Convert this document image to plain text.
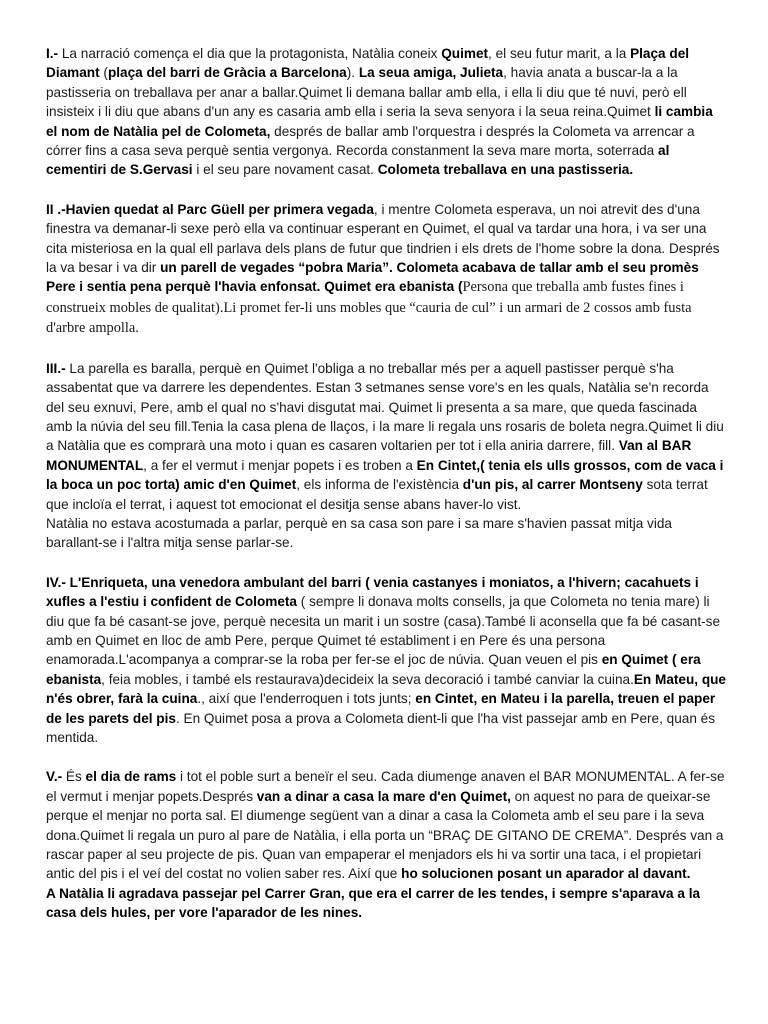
I.- La narració comença el dia que la protagonista, Natàlia coneix Quimet, el seu futur marit, a la Plaça del Diamant (plaça del barri de Gràcia a Barcelona). La seua amiga, Julieta, havia anata a buscar-la a la pastisseria on treballava per anar a ballar.Quimet li demana ballar amb ella, i ella li diu que té nuvi, però ell insisteix i li diu que abans d'un any es casaria amb ella i seria la seva senyora i la seua reina.Quimet li cambia el nom de Natàlia pel de Colometa, després de ballar amb l'orquestra i després la Colometa va arrencar a córrer fins a casa seva perquè sentia vergonya. Recorda constanment la seva mare morta, soterrada al cementiri de S.Gervasi i el seu pare novament casat. Colometa treballava en una pastisseria.

II .-Havien quedat al Parc Güell per primera vegada, i mentre Colometa esperava, un noi atrevit des d'una finestra va demanar-li sexe però ella va continuar esperant en Quimet, el qual va tardar una hora, i va ser una cita misteriosa en la qual ell parlava dels plans de futur que tindrien i els drets de l'home sobre la dona. Després la va besar i va dir un parell de vegades “pobra Maria”. Colometa acabava de tallar amb el seu promès Pere i sentia pena perquè l'havia enfonsat. Quimet era ebanista (Persona que treballa amb fustes fines i construeix mobles de qualitat).Li promet fer-li uns mobles que “cauria de cul” i un armari de 2 cossos amb fusta d'arbre ampolla.

III.- La parella es baralla, perquè en Quimet l'obliga a no treballar més per a aquell pastisser perquè s'ha assabentat que va darrere les dependentes. Estan 3 setmanes sense vore's en les quals, Natàlia se'n recorda del seu exnuvi, Pere, amb el qual no s'havi disgutat mai. Quimet li presenta a sa mare, que queda fascinada amb la núvia del seu fill.Tenia la casa plena de llaços, i la mare li regala uns rosaris de boleta negra.Quimet li diu a Natàlia que es comprarà una moto i quan es casaren voltarien per tot i ella aniria darrere, fill. Van al BAR MONUMENTAL, a fer el vermut i menjar popets i es troben a En Cintet,( tenia els ulls grossos, com de vaca i la boca un poc torta) amic d'en Quimet, els informa de l'existència d'un pis, al carrer Montseny sota terrat que incloïa el terrat, i aquest tot emocionat el desitja sense abans haver-lo vist.

Natàlia no estava acostumada a parlar, perquè en sa casa son pare i sa mare s'havien passat mitja vida barallant-se i l'altra mitja sense parlar-se.

IV.- L'Enriqueta, una venedora ambulant del barri ( venia castanyes i moniatos, a l'hivern; cacahuets i xufles a l'estiu i confident de Colometa ( sempre li donava molts consells, ja que Colometa no tenia mare) li diu que fa bé casant-se jove, perquè necesita un marit i un sostre (casa).També li aconsella que fa bé casant-se amb en Quimet en lloc de amb Pere, perque Quimet té establiment i en Pere és una persona enamorada.L'acompanya a comprar-se la roba per fer-se el joc de núvia. Quan veuen el pis en Quimet ( era ebanista, feia mobles, i també els restaurava)decideix la seva decoració i també canviar la cuina.En Mateu, que n'és obrer, farà la cuina., així que l'enderroquen i tots junts; en Cintet, en Mateu i la parella, treuen el paper de les parets del pis. En Quimet posa a prova a Colometa dient-li que l'ha vist passejar amb en Pere, quan és mentida.

V.- És el dia de rams i tot el poble surt a beneïr el seu. Cada diumenge anaven el BAR MONUMENTAL. A fer-se el vermut i menjar popets.Després van a dinar a casa la mare d'en Quimet, on aquest no para de queixar-se perque el menjar no porta sal. El diumenge següent van a dinar a casa la Colometa amb el seu pare i la seva dona.Quimet li regala un puro al pare de Natàlia, i ella porta un “BRAÇ DE GITANO DE CREMA”. Després van a rascar paper al seu projecte de pis. Quan van empaperar el menjadors els hi va sortir una taca, i el propietari antic del pis i el veí del costat no volien saber res. Així que ho solucionen posant un aparador al davant.

A Natàlia li agradava passejar pel Carrer Gran, que era el carrer de les tendes, i sempre s'aparava a la casa dels hules, per vore l'aparador de les nines.
